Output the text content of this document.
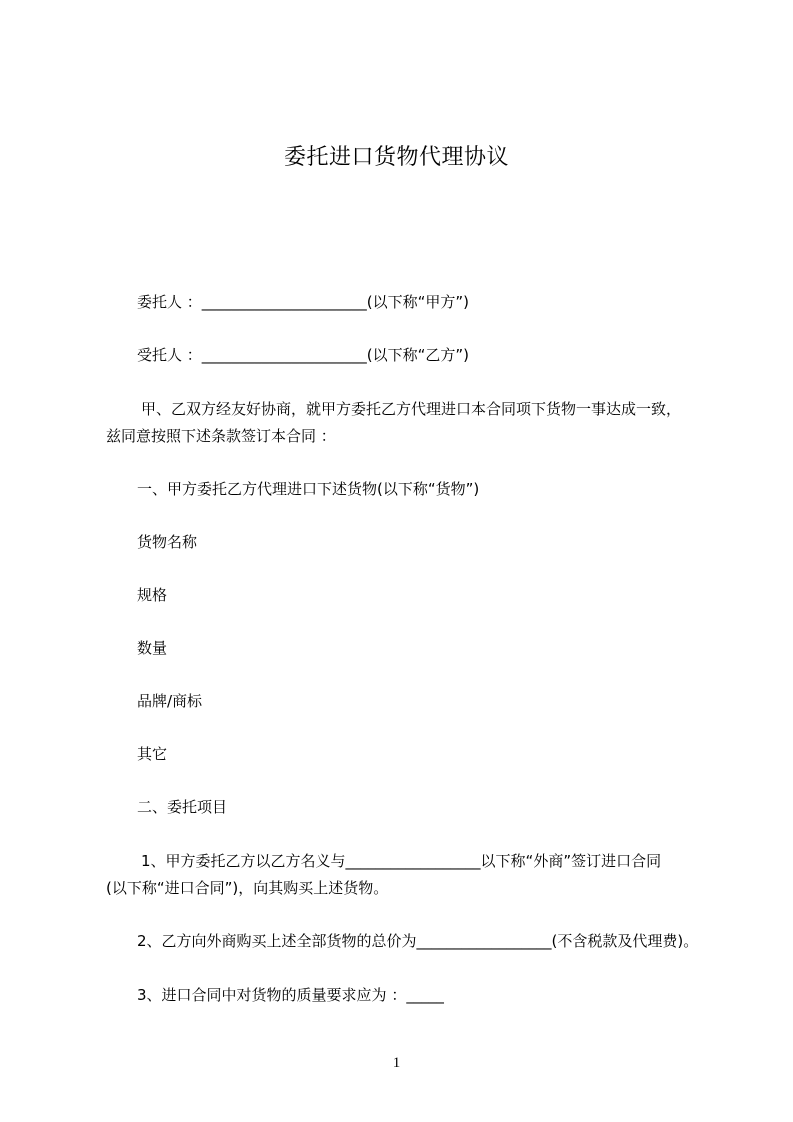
委托进口货物代理协议
委托人 ：______________________(以下称“甲方”)
受托人 ：______________________(以下称“乙方”)
甲、乙双方经友好协商，就甲方委托乙方代理进口本合同项下货物一事达成一致，
兹同意按照下述条款签订本合同 ：
一、甲方委托乙方代理进口下述货物(以下称“货物”)
货物名称
规格
数量
品牌/商标
其它
二、委托项目
1、甲方委托乙方以乙方名义与__________________以下称“外商”签订进口合同
(以下称“进口合同”)，向其购买上述货物。
2、乙方向外商购买上述全部货物的总价为__________________(不含税款及代理费)。
3、进口合同中对货物的质量要求应为 ：_____
1
